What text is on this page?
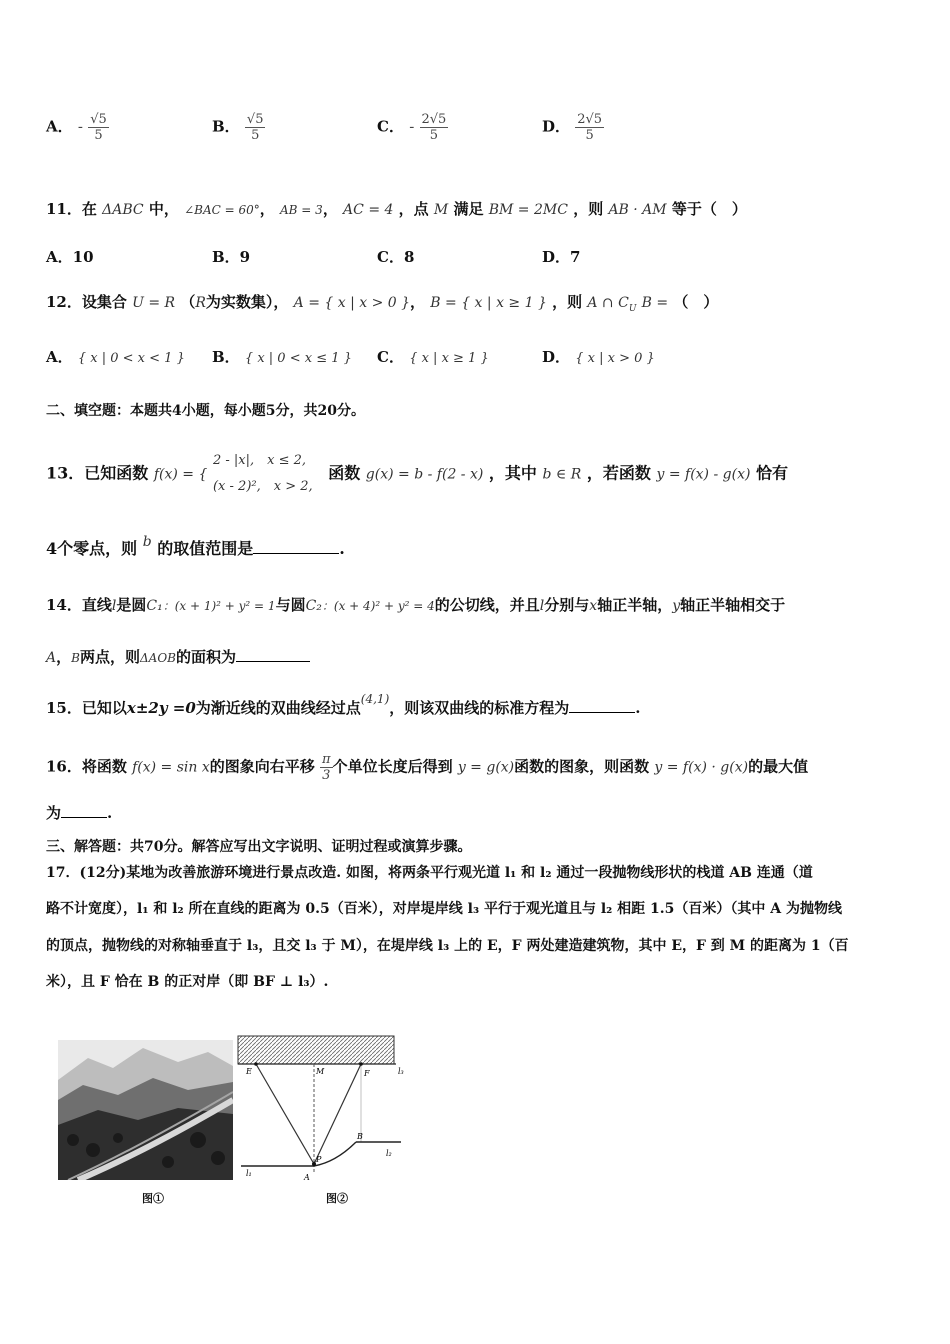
A． - $\frac{√5}{5}$	B． $\frac{√5}{5}$	C． - $\frac{2√5}{5}$	D． $\frac{2√5}{5}$
11．在 ΔABC 中， ∠BAC = 60°， AB = 3， AC = 4 ，点 M 满足 BM = 2MC ，则 AB · AM 等于（　）
A．10	B．9	C．8	D．7
12．设集合 U = R （R为实数集）， A = { x | x > 0 }， B = { x | x ≥ 1 } ，则 A ∩ $C_U$ B = （　）
A． { x | 0 < x < 1 } B． { x | 0 < x ≤ 1 } C． { x | x ≥ 1 }	D． { x | x > 0 }
二、填空题：本题共4小题，每小题5分，共20分。
13．已知函数 f(x) = {
2 - |x|,　x ≤ 2,
(x - 2)²,　x > 2,
函数 g(x) = b - f(2 - x) ，其中 b ∈ R ，若函数 y = f(x) - g(x) 恰有
4个零点，则 b 的取值范围是	.
14．直线l是圆C₁：(x + 1)² + y² = 1与圆C₂：(x + 4)² + y² = 4的公切线，并且l分别与x轴正半轴，y轴正半轴相交于
A，B两点，则ΔAOB的面积为
15．已知以x±2y =0为渐近线的双曲线经过点$^{(4,1)}$，则该双曲线的标准方程为	.
16．将函数 f(x) = sin x的图象向右平移 $\frac{\pi}{3}$ 个单位长度后得到 y = g(x)函数的图象，则函数 y = f(x) · g(x)的最大值
为	.
三、解答题：共70分。解答应写出文字说明、证明过程或演算步骤。
17．(12分)某地为改善旅游环境进行景点改造. 如图，将两条平行观光道 l₁ 和 l₂ 通过一段抛物线形状的栈道 AB 连通（道
路不计宽度），l₁ 和 l₂ 所在直线的距离为 0.5（百米），对岸堤岸线 l₃ 平行于观光道且与 l₂ 相距 1.5（百米）（其中 A 为抛物线
的顶点，抛物线的对称轴垂直于 l₃，且交 l₃ 于 M），在堤岸线 l₃ 上的 E，F 两处建造建筑物，其中 E，F 到 M 的距离为 1（百
米），且 F 恰在 B 的正对岸（即 BF ⊥ l₃）.
图①
E	M	F	l₃
B
l₂
P
l₁	A
图②
